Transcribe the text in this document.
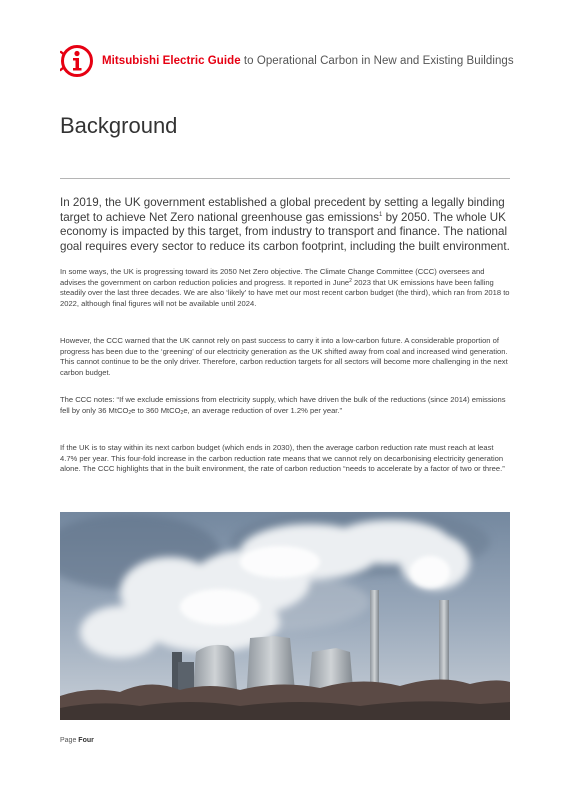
Mitsubishi Electric Guide to Operational Carbon in New and Existing Buildings
Background

In 2019, the UK government established a global precedent by setting a legally binding target to achieve Net Zero national greenhouse gas emissions$^1$ by 2050. The whole UK economy is impacted by this target, from industry to transport and finance. The national goal requires every sector to reduce its carbon footprint, including the built environment.

In some ways, the UK is progressing toward its 2050 Net Zero objective. The Climate Change Committee (CCC) oversees and advises the government on carbon reduction policies and progress. It reported in June$^2$ 2023 that UK emissions have been falling steadily over the last three decades. We are also ‘likely’ to have met our most recent carbon budget (the third), which ran from 2018 to 2022, although final figures will not be available until 2024.

However, the CCC warned that the UK cannot rely on past success to carry it into a low-carbon future. A considerable proportion of progress has been due to the ‘greening’ of our electricity generation as the UK shifted away from coal and increased wind generation. This cannot continue to be the only driver. Therefore, carbon reduction targets for all sectors will become more challenging in the next carbon budget.

The CCC notes: “If we exclude emissions from electricity supply, which have driven the bulk of the reductions (since 2014) emissions fell by only 36 MtCO$_2$e to 360 MtCO$_2$e, an average reduction of over 1.2% per year.”

If the UK is to stay within its next carbon budget (which ends in 2030), then the average carbon reduction rate must reach at least 4.7% per year. This four-fold increase in the carbon reduction rate means that we cannot rely on decarbonising electricity generation alone. The CCC highlights that in the built environment, the rate of carbon reduction “needs to accelerate by a factor of two or three.”

Page Four
